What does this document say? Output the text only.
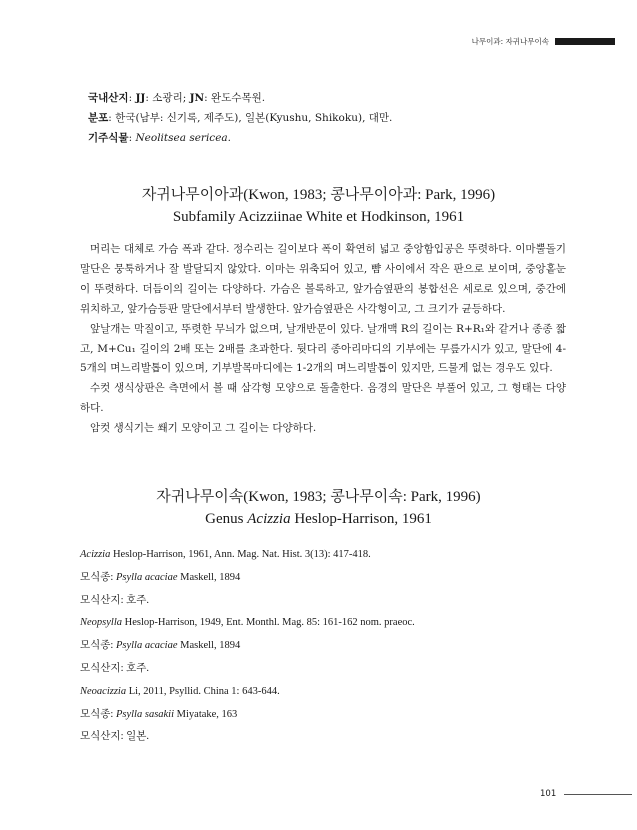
나무이과: 자귀나무이속
국내산지: JJ: 소광리; JN: 완도수목원.
분포: 한국(남부: 신기록, 제주도), 일본(Kyushu, Shikoku), 대만.
기주식물: Neolitsea sericea.
자귀나무이아과(Kwon, 1983; 콩나무이아과: Park, 1996)
Subfamily Acizziinae White et Hodkinson, 1961

머리는 대체로 가슴 폭과 같다. 정수리는 길이보다 폭이 확연히 넓고 중앙함입공은 뚜렷하다. 이마뿔돌기 말단은 뭉툭하거나 잘 발달되지 않았다. 이마는 위축되어 있고, 뺨 사이에서 작은 판으로 보이며, 중앙홑눈이 뚜렷하다. 더듬이의 길이는 다양하다. 가슴은 볼록하고, 앞가슴옆판의 봉합선은 세로로 있으며, 중간에 위치하고, 앞가슴등판 말단에서부터 발생한다. 앞가슴옆판은 사각형이고, 그 크기가 균등하다.

앞날개는 막질이고, 뚜렷한 무늬가 없으며, 날개반문이 있다. 날개맥 R의 길이는 R+R₁와 같거나 종종 짧고, M+Cu₁ 길이의 2배 또는 2배를 초과한다. 뒷다리 종아리마디의 기부에는 무릎가시가 있고, 말단에 4-5개의 며느리발톱이 있으며, 기부발목마디에는 1-2개의 며느리발톱이 있지만, 드물게 없는 경우도 있다.

수컷 생식상판은 측면에서 볼 때 삼각형 모양으로 돌출한다. 음경의 말단은 부풀어 있고, 그 형태는 다양하다.

암컷 생식기는 쐐기 모양이고 그 길이는 다양하다.

자귀나무이속(Kwon, 1983; 콩나무이속: Park, 1996)
Genus Acizzia Heslop-Harrison, 1961
Acizzia Heslop-Harrison, 1961, Ann. Mag. Nat. Hist. 3(13): 417-418.
모식종: Psylla acaciae Maskell, 1894
모식산지: 호주.
Neopsylla Heslop-Harrison, 1949, Ent. Monthl. Mag. 85: 161-162 nom. praeoc.
모식종: Psylla acaciae Maskell, 1894
모식산지: 호주.
Neoacizzia Li, 2011, Psyllid. China 1: 643-644.
모식종: Psylla sasakii Miyatake, 163
모식산지: 일본.
101
